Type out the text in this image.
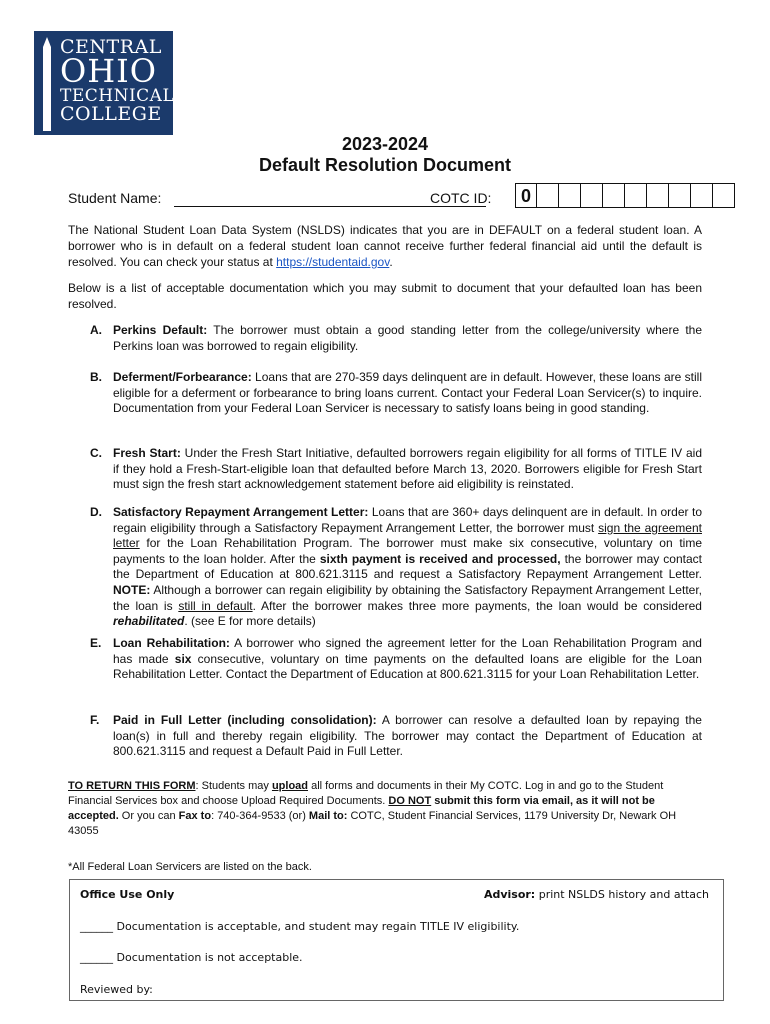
CENTRAL
OHIO
TECHNICAL
COLLEGE
2023-2024
Default Resolution Document
Student Name:	COTC ID:	0
The National Student Loan Data System (NSLDS) indicates that you are in DEFAULT on a federal student loan. A borrower who is in default on a federal student loan cannot receive further federal financial aid until the default is resolved. You can check your status at https://studentaid.gov.
Below is a list of acceptable documentation which you may submit to document that your defaulted loan has been resolved.
A. Perkins Default: The borrower must obtain a good standing letter from the college/university where the Perkins loan was borrowed to regain eligibility.
B. Deferment/Forbearance: Loans that are 270-359 days delinquent are in default. However, these loans are still eligible for a deferment or forbearance to bring loans current. Contact your Federal Loan Servicer(s) to inquire. Documentation from your Federal Loan Servicer is necessary to satisfy loans being in good standing.
C. Fresh Start: Under the Fresh Start Initiative, defaulted borrowers regain eligibility for all forms of TITLE IV aid if they hold a Fresh-Start-eligible loan that defaulted before March 13, 2020. Borrowers eligible for Fresh Start must sign the fresh start acknowledgement statement before aid eligibility is reinstated.
D. Satisfactory Repayment Arrangement Letter: Loans that are 360+ days delinquent are in default. In order to regain eligibility through a Satisfactory Repayment Arrangement Letter, the borrower must sign the agreement letter for the Loan Rehabilitation Program. The borrower must make six consecutive, voluntary on time payments to the loan holder. After the sixth payment is received and processed, the borrower may contact the Department of Education at 800.621.3115 and request a Satisfactory Repayment Arrangement Letter. NOTE: Although a borrower can regain eligibility by obtaining the Satisfactory Repayment Arrangement Letter, the loan is still in default. After the borrower makes three more payments, the loan would be considered rehabilitated. (see E for more details)
E. Loan Rehabilitation: A borrower who signed the agreement letter for the Loan Rehabilitation Program and has made six consecutive, voluntary on time payments on the defaulted loans are eligible for the Loan Rehabilitation Letter. Contact the Department of Education at 800.621.3115 for your Loan Rehabilitation Letter.
F. Paid in Full Letter (including consolidation): A borrower can resolve a defaulted loan by repaying the loan(s) in full and thereby regain eligibility. The borrower may contact the Department of Education at 800.621.3115 and request a Default Paid in Full Letter.
TO RETURN THIS FORM: Students may upload all forms and documents in their My COTC. Log in and go to the Student Financial Services box and choose Upload Required Documents. DO NOT submit this form via email, as it will not be accepted. Or you can Fax to: 740-364-9533 (or) Mail to: COTC, Student Financial Services, 1179 University Dr, Newark OH 43055
*All Federal Loan Servicers are listed on the back.
Office Use Only	Advisor: print NSLDS history and attach
______ Documentation is acceptable, and student may regain TITLE IV eligibility.
______ Documentation is not acceptable.
Reviewed by:
